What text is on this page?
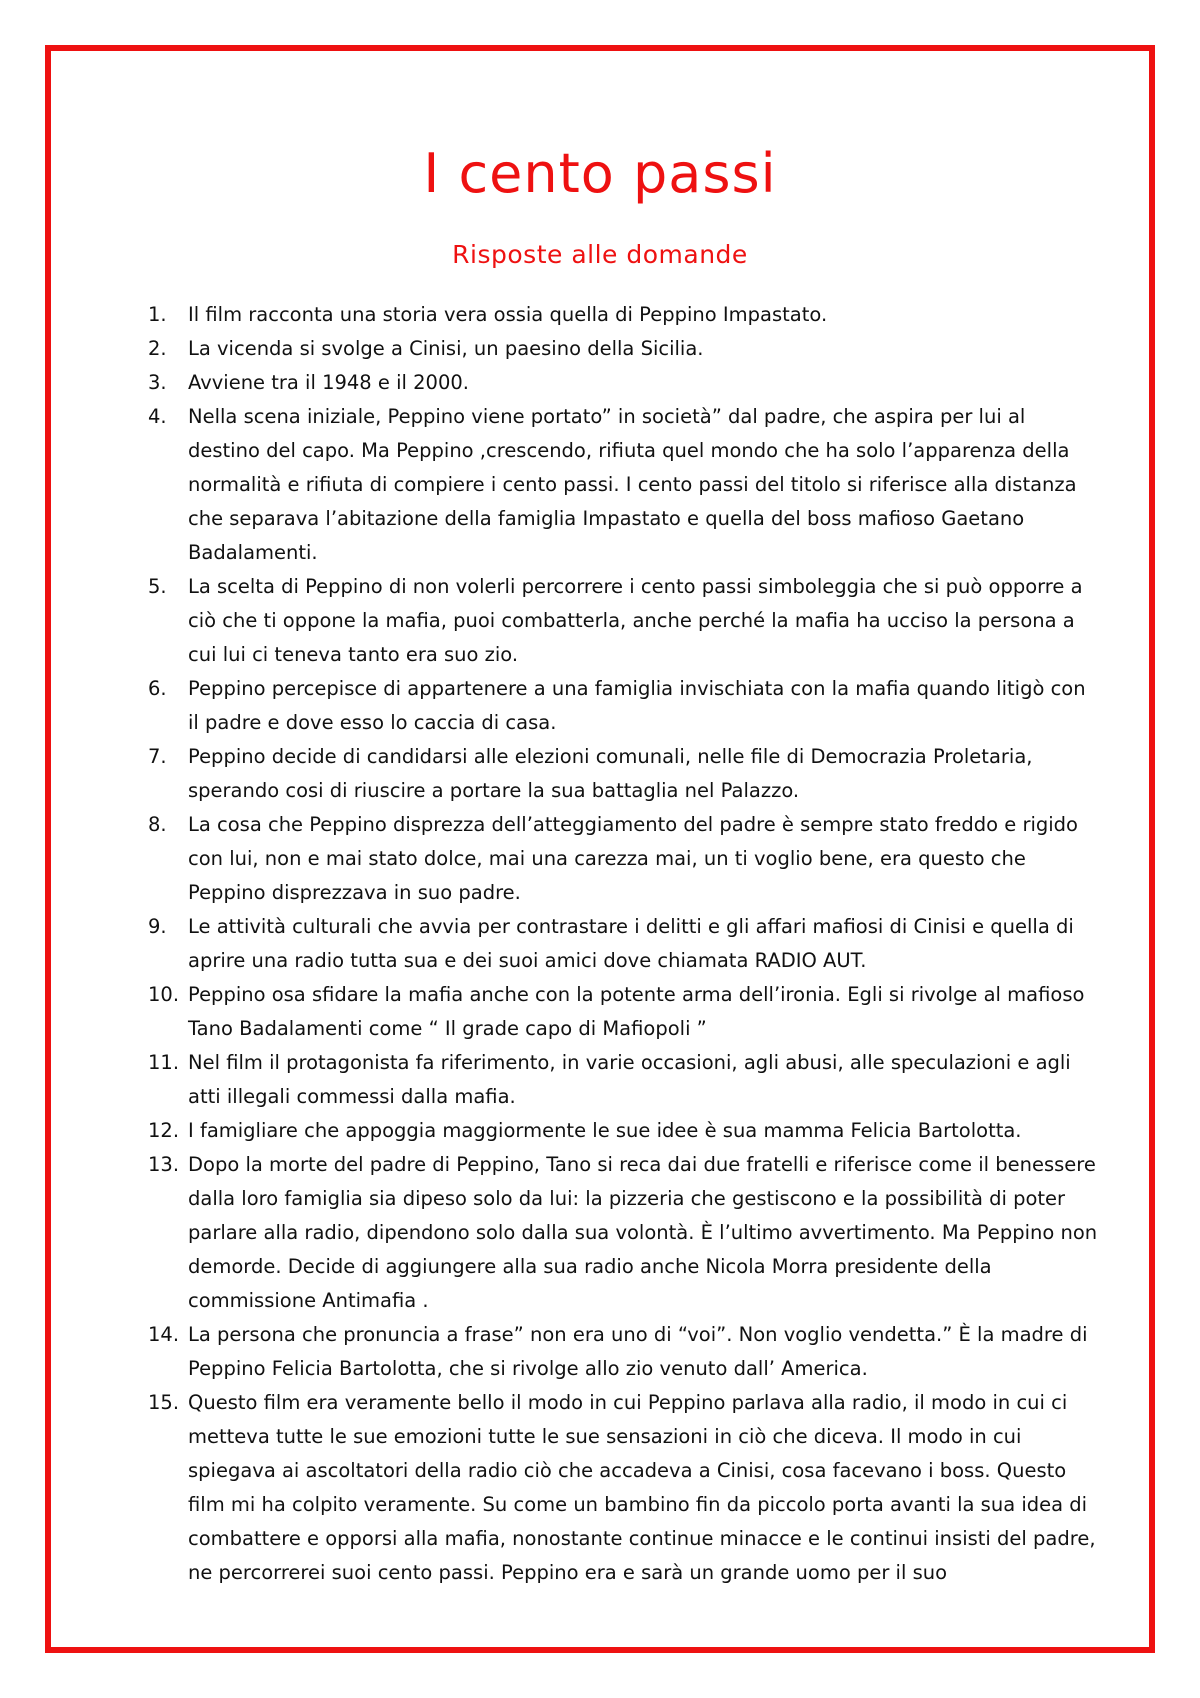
I cento passi
Risposte alle domande
1.	Il film racconta una storia vera ossia quella di Peppino Impastato.
2.	La vicenda si svolge a Cinisi, un paesino della Sicilia.
3.	Avviene tra il 1948 e il 2000.
4.	Nella scena iniziale, Peppino viene portato” in società” dal padre, che aspira per lui al destino del capo. Ma Peppino ,crescendo, rifiuta quel mondo che ha solo l’apparenza della normalità e rifiuta di compiere i cento passi. I cento passi del titolo si riferisce alla distanza che separava l’abitazione della famiglia Impastato e quella del boss mafioso Gaetano Badalamenti.
5.	La scelta di Peppino di non volerli percorrere i cento passi simboleggia che si può opporre a ciò che ti oppone la mafia, puoi combatterla, anche perché la mafia ha ucciso la persona a cui lui ci teneva tanto era suo zio.
6.	Peppino percepisce di appartenere a una famiglia invischiata con la mafia quando litigò con il padre e dove esso lo caccia di casa.
7.	Peppino decide di candidarsi alle elezioni comunali, nelle file di Democrazia Proletaria, sperando cosi di riuscire a portare la sua battaglia nel Palazzo.
8.	La cosa che Peppino disprezza dell’atteggiamento del padre è sempre stato freddo e rigido con lui, non e mai stato dolce, mai una carezza mai, un ti voglio bene, era questo che Peppino disprezzava in suo padre.
9.	Le attività culturali che avvia per contrastare i delitti e gli affari mafiosi di Cinisi e quella di aprire una radio tutta sua e dei suoi amici dove chiamata RADIO AUT.
10. Peppino osa sfidare la mafia anche con la potente arma dell’ironia. Egli si rivolge al mafioso Tano Badalamenti come “ Il grade capo di Mafiopoli ”
11. Nel film il protagonista fa riferimento, in varie occasioni, agli abusi, alle speculazioni e agli atti illegali commessi dalla mafia.
12. I famigliare che appoggia maggiormente le sue idee è sua mamma Felicia Bartolotta.
13. Dopo la morte del padre di Peppino, Tano si reca dai due fratelli e riferisce come il benessere dalla loro famiglia sia dipeso solo da lui: la pizzeria che gestiscono e la possibilità di poter parlare alla radio, dipendono solo dalla sua volontà. È l’ultimo avvertimento. Ma Peppino non demorde. Decide di aggiungere alla sua radio anche Nicola Morra presidente della commissione Antimafia .
14. La persona che pronuncia a frase” non era uno di “voi”. Non voglio vendetta.” È la madre di Peppino Felicia Bartolotta, che si rivolge allo zio venuto dall’ America.
15. Questo film era veramente bello il modo in cui Peppino parlava alla radio, il modo in cui ci metteva tutte le sue emozioni tutte le sue sensazioni in ciò che diceva. Il modo in cui spiegava ai ascoltatori della radio ciò che accadeva a Cinisi, cosa facevano i boss. Questo film mi ha colpito veramente. Su come un bambino fin da piccolo porta avanti la sua idea di combattere e opporsi alla mafia, nonostante continue minacce e le continui insisti del padre, ne percorrerei suoi cento passi. Peppino era e sarà un grande uomo per il suo
